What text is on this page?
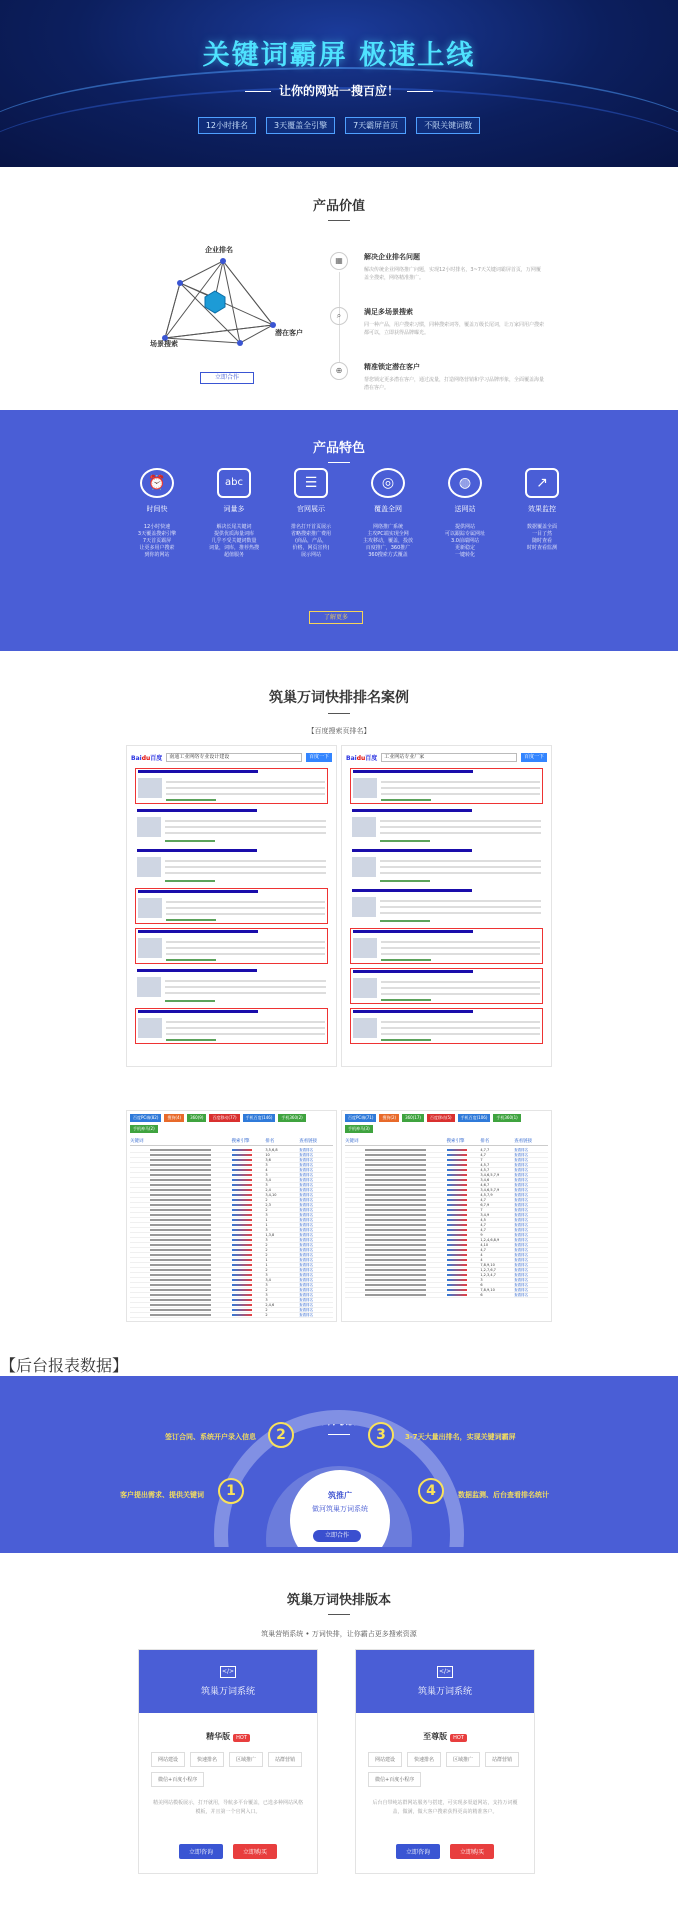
关键词霸屏 极速上线
让你的网站一搜百应！
12小时排名	3天覆盖全引擎	7天霸屏首页	不限关键词数
产品价值
企业排名
场景搜索
潜在客户
立即合作
▦	解决企业排名问题

解决传统企业网络推广问题，实现12小时排名，3~7天关键词霸屏首页，万网覆盖全搜索，网络精准推广。

⌕	满足多场景搜索

同一种产品，用户搜索习惯，同种搜索词等，覆盖万级长尾词，让万家同用户搜索都可以，立即获得品牌曝光。

⊕	精准锁定潜在客户

帮您锁定更多潜在客户，通过流量，打造网络营销和学习品牌形象，全面覆盖海量潜在客户。

产品特色
⏰
时间快
12小时快速
3天覆盖搜索引擎
7天首页霸屏
让更多用户搜索
到你的网站
abc
词量多
解决长尾关键词
提供优质海量词库
几乎不受关键词数量
词量，词库，推荐热搜
超值服务
☰
官网展示
排名打开首页展示
省略搜索推广费用
(商品，产品，
价格，网页宣传)
展示网站
◎
覆盖全网
网络推广系统
主攻PC端实现全网
主攻移动，覆盖，投放
百度推广，360推广
360搜索方式覆盖
◍
送网站
提供网站
可以跟踪专属网址
3.0前端网站
更新稳定
一键转化
↗
效果监控
数据覆盖全面
一目了然
随时查看
时时查看监测
了解更多
筑巢万词快排排名案例
【百度搜索页排名】
Baidu百度	南通工业网络专业设计建设	百度一下	Baidu百度	工业网站专业厂家	百度一下
【后台报表数据】
百度PC端(82)	搜狗(4)	360(9)	百度移动(77)	手机百度(146)	手机360(2)
手机神马(2)
关键词	搜索引擎	排名	查看链接
3,5,6,8	查看排名
10	查看排名
3,6	查看排名
3	查看排名
4	查看排名
3	查看排名
3,4	查看排名
3	查看排名
2,4	查看排名
3,4,10	查看排名
2	查看排名
2,3	查看排名
2	查看排名
3	查看排名
1	查看排名
1	查看排名
3	查看排名
1,3,8	查看排名
3	查看排名
2	查看排名
2	查看排名
2	查看排名
1	查看排名
1	查看排名
2	查看排名
3	查看排名
3,4	查看排名
3	查看排名
2	查看排名
3	查看排名
3	查看排名
2,4,6	查看排名
2	查看排名
2	查看排名
百度PC端(71)	搜狗(2)	360(17)	百度移动(5)	手机百度(106)	手机360(1)
手机神马(3)
关键词	搜索引擎	排名	查看链接
4,7,7	查看排名
4,7	查看排名
7	查看排名
4,5,7	查看排名
4,5,7	查看排名
3,4,6,5,7,9	查看排名
3,4,6	查看排名
4,6,7	查看排名
3,4,6,5,7,9	查看排名
4,5,7,9	查看排名
4,7	查看排名
6,7,9	查看排名
7	查看排名
3,4,9	查看排名
4,5	查看排名
4,7	查看排名
4,7	查看排名
9	查看排名
1,2,4,6,8,9	查看排名
4,10	查看排名
4,7	查看排名
4	查看排名
4	查看排名
7,8,9,10	查看排名
1,2,7,6,7	查看排名
1,2,3,4,7	查看排名
3	查看排名
6	查看排名
7,8,9,10	查看排名
6	查看排名
合作流程
筑推广
做河筑巢万词系统
1
2	3
4
客户提出需求、提供关键词
签订合同、系统开户录入信息	3-7天大量出排名，实现关键词霸屏
数据监测、后台查看排名统计
立即合作
筑巢万词快排版本
筑巢营销系统 • 万词快排，让你霸占更多搜索资源
</>
筑巢万词系统
精华版 HOT
网站建设	快速排名	区域推广	站群营销
微信+百度小程序
精美网站模板展示，打开就用，导航多平台覆盖，已选多种网站风格模板，并且第一个官网入口。
立即咨询	立即购买
</>
筑巢万词系统
至尊版 HOT
网站建设	快速排名	区域推广	站群营销
微信+百度小程序
后台自带纯站群网站服务与搭建，可实现多渠道网站，支持万词覆盖，做满，做大客户搜索获得更高的精准客户。
立即咨询	立即购买
